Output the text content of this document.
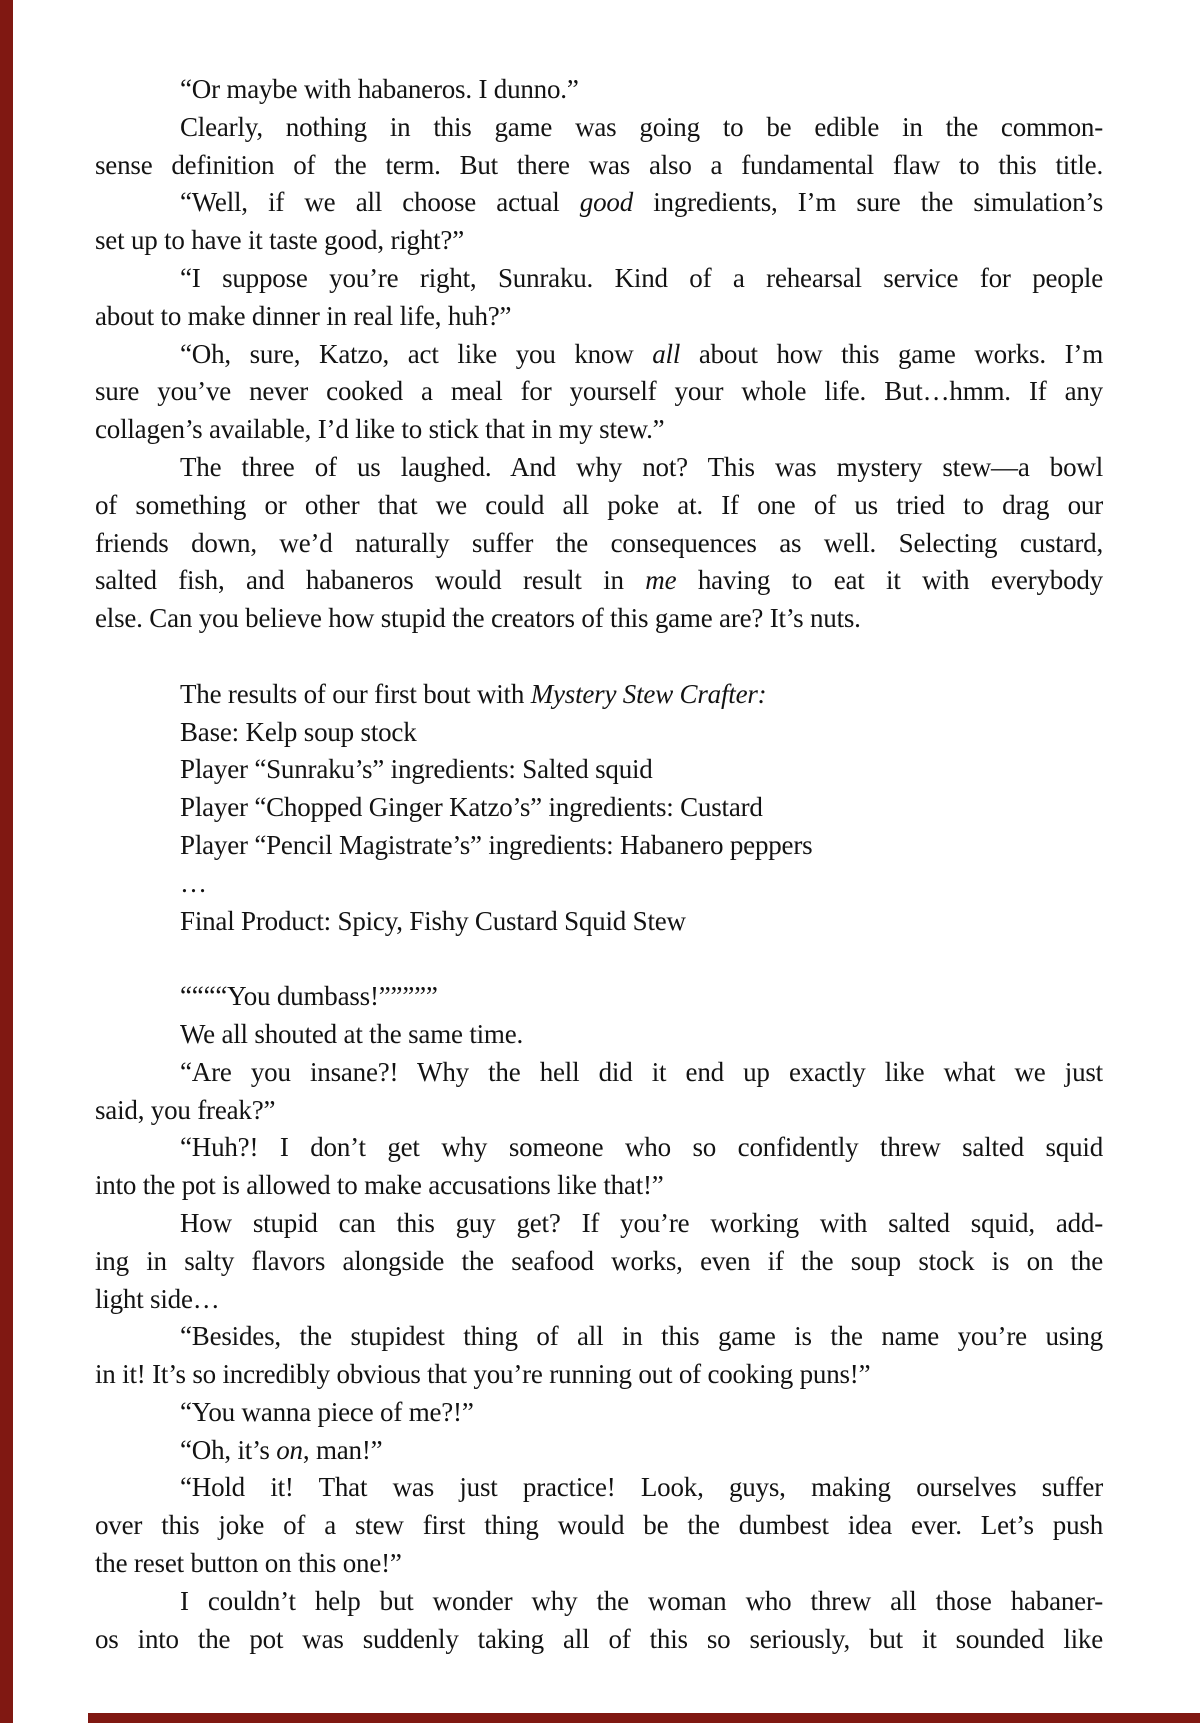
“Or maybe with habaneros. I dunno.”
Clearly, nothing in this game was going to be edible in the common-
sense definition of the term. But there was also a fundamental flaw to this title.
“Well, if we all choose actual good ingredients, I’m sure the simulation’s
set up to have it taste good, right?”
“I suppose you’re right, Sunraku. Kind of a rehearsal service for people
about to make dinner in real life, huh?”
“Oh, sure, Katzo, act like you know all about how this game works. I’m
sure you’ve never cooked a meal for yourself your whole life. But…hmm. If any
collagen’s available, I’d like to stick that in my stew.”
The three of us laughed. And why not? This was mystery stew—a bowl
of something or other that we could all poke at. If one of us tried to drag our
friends down, we’d naturally suffer the consequences as well. Selecting custard,
salted fish, and habaneros would result in me having to eat it with everybody
else. Can you believe how stupid the creators of this game are? It’s nuts.
The results of our first bout with Mystery Stew Crafter:
Base: Kelp soup stock
Player “Sunraku’s” ingredients: Salted squid
Player “Chopped Ginger Katzo’s” ingredients: Custard
Player “Pencil Magistrate’s” ingredients: Habanero peppers
…
Final Product: Spicy, Fishy Custard Squid Stew
““““You dumbass!”””””
We all shouted at the same time.
“Are you insane?! Why the hell did it end up exactly like what we just
said, you freak?”
“Huh?! I don’t get why someone who so confidently threw salted squid
into the pot is allowed to make accusations like that!”
How stupid can this guy get? If you’re working with salted squid, add-
ing in salty flavors alongside the seafood works, even if the soup stock is on the
light side…
“Besides, the stupidest thing of all in this game is the name you’re using
in it! It’s so incredibly obvious that you’re running out of cooking puns!”
“You wanna piece of me?!”
“Oh, it’s on, man!”
“Hold it! That was just practice! Look, guys, making ourselves suffer
over this joke of a stew first thing would be the dumbest idea ever. Let’s push
the reset button on this one!”
I couldn’t help but wonder why the woman who threw all those habaner-
os into the pot was suddenly taking all of this so seriously, but it sounded like
